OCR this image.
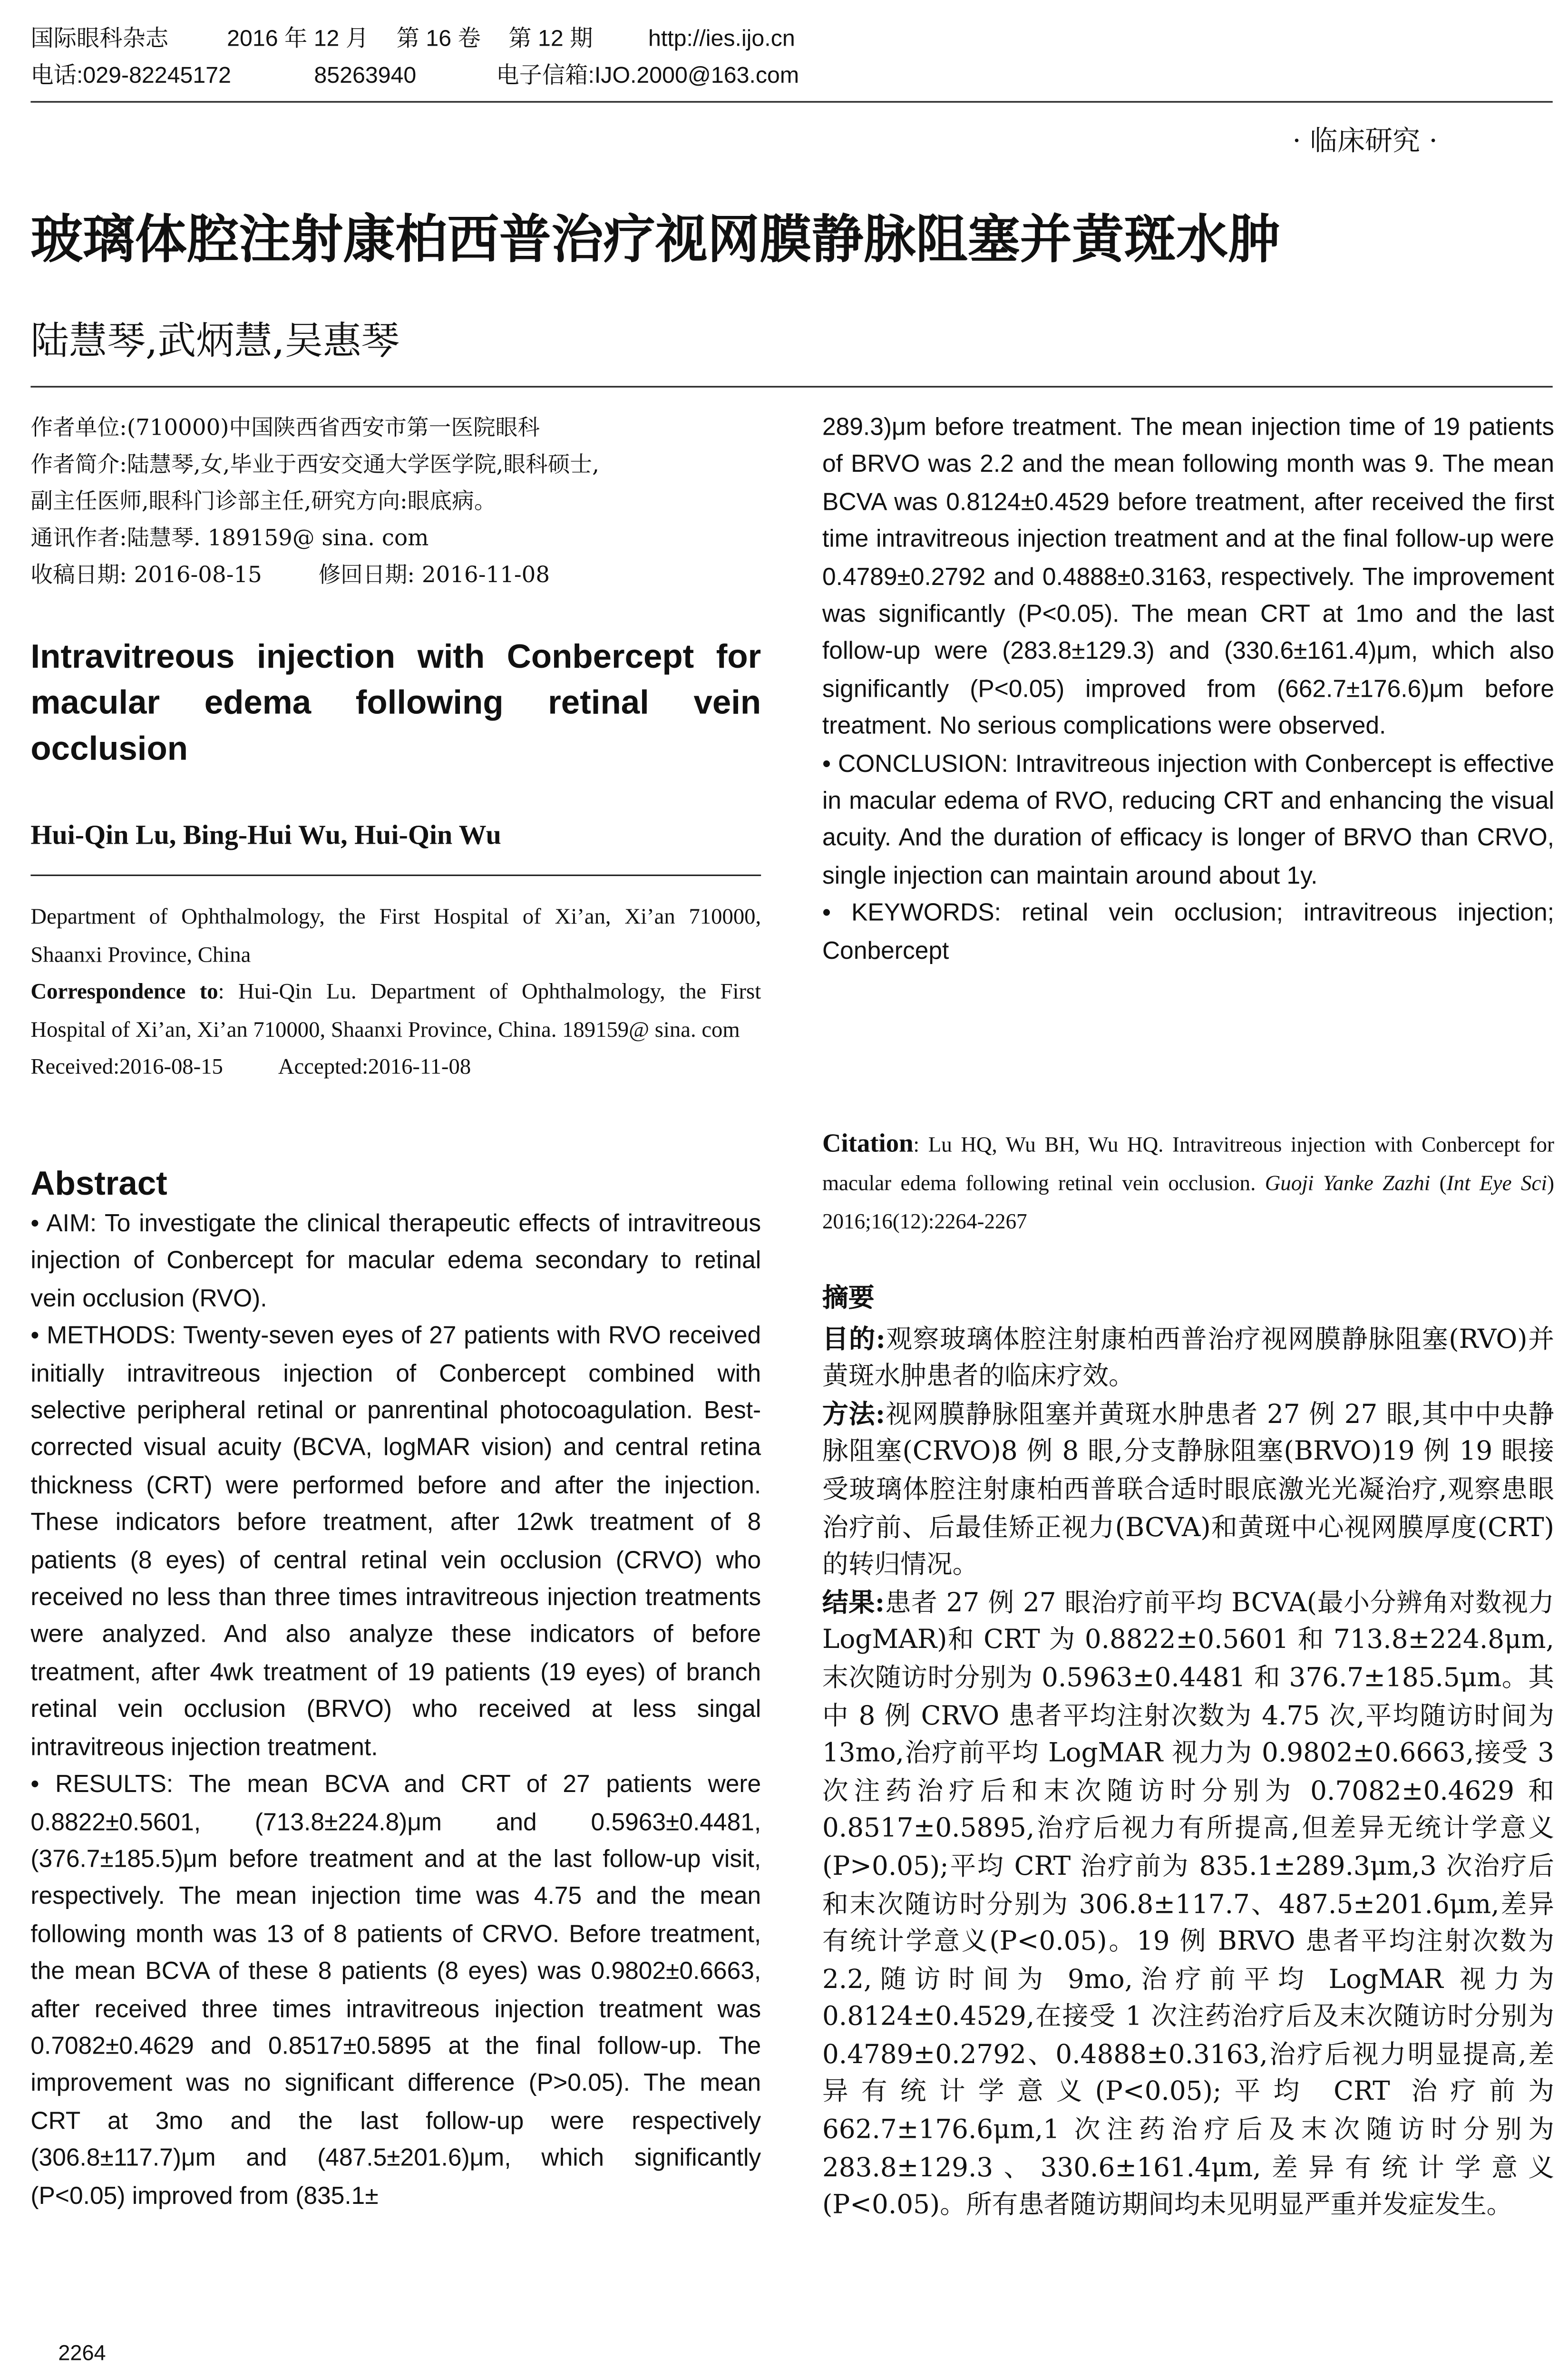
国际眼科杂志	2016 年 12 月	第 16 卷	第 12 期	http://ies.ijo.cn
电话:029-82245172	85263940	电子信箱:IJO.2000@163.com
· 临床研究 ·
玻璃体腔注射康柏西普治疗视网膜静脉阻塞并黄斑水肿
陆慧琴,武炳慧,吴惠琴
作者单位:(710000)中国陕西省西安市第一医院眼科
作者简介:陆慧琴,女,毕业于西安交通大学医学院,眼科硕士,
副主任医师,眼科门诊部主任,研究方向:眼底病。
通讯作者:陆慧琴. 189159@ sina. com
收稿日期: 2016-08-15        修回日期: 2016-11-08
Intravitreous injection with Conbercept for macular edema following retinal vein occlusion
Hui-Qin Lu, Bing-Hui Wu, Hui-Qin Wu

Department of Ophthalmology, the First Hospital of Xi’an, Xi’an 710000, Shaanxi Province, China

Correspondence to: Hui-Qin Lu. Department of Ophthalmology, the First Hospital of Xi’an, Xi’an 710000, Shaanxi Province, China. 189159@ sina. com

Received:2016-08-15	Accepted:2016-11-08

Abstract

• AIM: To investigate the clinical therapeutic effects of intravitreous injection of Conbercept for macular edema secondary to retinal vein occlusion (RVO).

• METHODS: Twenty-seven eyes of 27 patients with RVO received initially intravitreous injection of Conbercept combined with selective peripheral retinal or panrentinal photocoagulation. Best-corrected visual acuity (BCVA, logMAR vision) and central retina thickness (CRT) were performed before and after the injection. These indicators before treatment, after 12wk treatment of 8 patients (8 eyes) of central retinal vein occlusion (CRVO) who received no less than three times intravitreous injection treatments were analyzed. And also analyze these indicators of before treatment, after 4wk treatment of 19 patients (19 eyes) of branch retinal vein occlusion (BRVO) who received at less singal intravitreous injection treatment.

• RESULTS: The mean BCVA and CRT of 27 patients were 0.8822±0.5601, (713.8±224.8)μm and 0.5963±0.4481, (376.7±185.5)μm before treatment and at the last follow-up visit, respectively. The mean injection time was 4.75 and the mean following month was 13 of 8 patients of CRVO. Before treatment, the mean BCVA of these 8 patients (8 eyes) was 0.9802±0.6663, after received three times intravitreous injection treatment was 0.7082±0.4629 and 0.8517±0.5895 at the final follow-up. The improvement was no significant difference (P>0.05). The mean CRT at 3mo and the last follow-up were respectively (306.8±117.7)μm and (487.5±201.6)μm, which significantly (P<0.05) improved from (835.1±

2264

289.3)μm before treatment. The mean injection time of 19 patients of BRVO was 2.2 and the mean following month was 9. The mean BCVA was 0.8124±0.4529 before treatment, after received the first time intravitreous injection treatment and at the final follow-up were 0.4789±0.2792 and 0.4888±0.3163, respectively. The improvement was significantly (P<0.05). The mean CRT at 1mo and the last follow-up were (283.8±129.3) and (330.6±161.4)μm, which also significantly (P<0.05) improved from (662.7±176.6)μm before treatment. No serious complications were observed.

• CONCLUSION: Intravitreous injection with Conbercept is effective in macular edema of RVO, reducing CRT and enhancing the visual acuity. And the duration of efficacy is longer of BRVO than CRVO, single injection can maintain around about 1y.

• KEYWORDS: retinal vein occlusion; intravitreous injection; Conbercept

Citation: Lu HQ, Wu BH, Wu HQ. Intravitreous injection with Conbercept for macular edema following retinal vein occlusion. Guoji Yanke Zazhi (Int Eye Sci) 2016;16(12):2264-2267
摘要

目的:观察玻璃体腔注射康柏西普治疗视网膜静脉阻塞(RVO)并黄斑水肿患者的临床疗效。

方法:视网膜静脉阻塞并黄斑水肿患者 27 例 27 眼,其中中央静脉阻塞(CRVO)8 例 8 眼,分支静脉阻塞(BRVO)19 例 19 眼接受玻璃体腔注射康柏西普联合适时眼底激光光凝治疗,观察患眼治疗前、后最佳矫正视力(BCVA)和黄斑中心视网膜厚度(CRT)的转归情况。

结果:患者 27 例 27 眼治疗前平均 BCVA(最小分辨角对数视力 LogMAR)和 CRT 为 0.8822±0.5601 和 713.8±224.8μm,末次随访时分别为 0.5963±0.4481 和 376.7±185.5μm。其中 8 例 CRVO 患者平均注射次数为 4.75 次,平均随访时间为 13mo,治疗前平均 LogMAR 视力为 0.9802±0.6663,接受 3 次注药治疗后和末次随访时分别为 0.7082±0.4629 和 0.8517±0.5895,治疗后视力有所提高,但差异无统计学意义(P>0.05);平均 CRT 治疗前为 835.1±289.3μm,3 次治疗后和末次随访时分别为 306.8±117.7、487.5±201.6μm,差异有统计学意义(P<0.05)。19 例 BRVO 患者平均注射次数为 2.2,随访时间为 9mo,治疗前平均 LogMAR 视力为 0.8124±0.4529,在接受 1 次注药治疗后及末次随访时分别为 0.4789±0.2792、0.4888±0.3163,治疗后视力明显提高,差异有统计学意义(P<0.05);平均 CRT 治疗前为 662.7±176.6μm,1 次注药治疗后及末次随访时分别为 283.8±129.3、330.6±161.4μm,差异有统计学意义(P<0.05)。所有患者随访期间均未见明显严重并发症发生。
